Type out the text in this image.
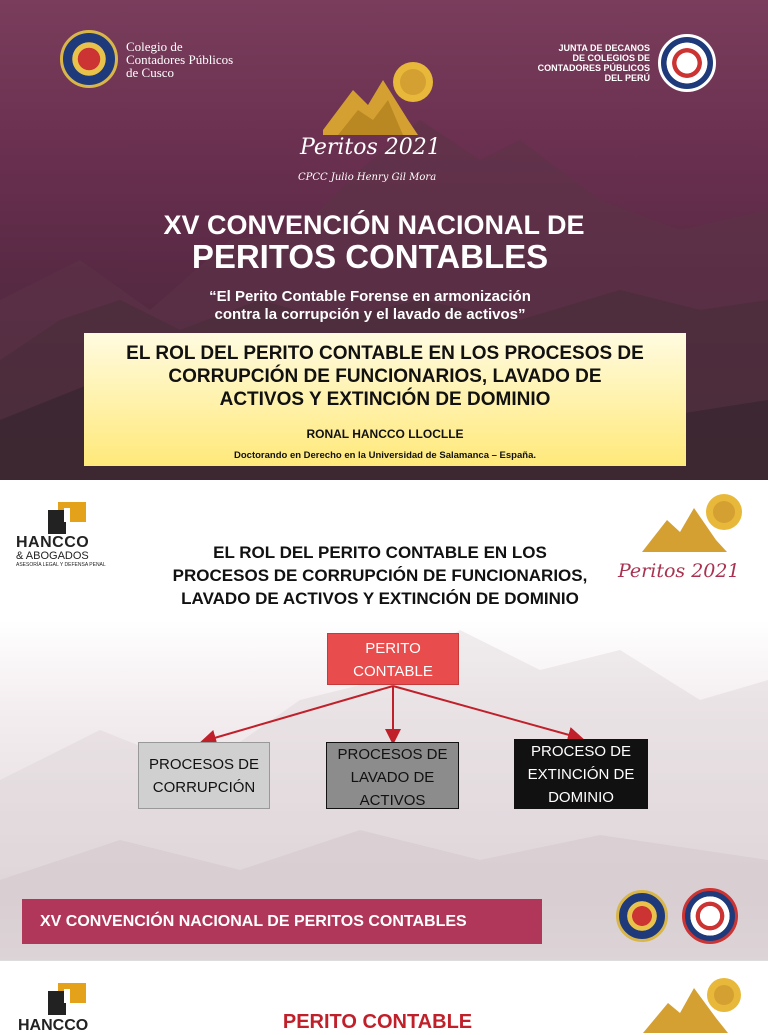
Colegio de
Contadores Públicos
de Cusco
JUNTA DE DECANOS
DE COLEGIOS DE
CONTADORES PÚBLICOS
DEL PERÚ
Peritos 2021
CPCC Julio Henry Gil Mora
XV CONVENCIÓN NACIONAL DE
PERITOS CONTABLES
“El Perito Contable Forense en armonización
contra la corrupción y el lavado de activos”
EL ROL DEL PERITO CONTABLE EN LOS PROCESOS DE
CORRUPCIÓN DE FUNCIONARIOS, LAVADO DE
ACTIVOS Y EXTINCIÓN DE DOMINIO
RONAL HANCCO LLOCLLE
Doctorando en Derecho en la Universidad de Salamanca – España.
HANCCO
& ABOGADOS
ASESORÍA LEGAL Y DEFENSA PENAL
EL ROL DEL PERITO CONTABLE EN LOS
PROCESOS DE CORRUPCIÓN DE FUNCIONARIOS,
LAVADO DE ACTIVOS Y EXTINCIÓN DE DOMINIO
Peritos 2021
PERITO
CONTABLE
PROCESOS DE
CORRUPCIÓN
PROCESOS DE
LAVADO DE
ACTIVOS
PROCESO DE
EXTINCIÓN DE
DOMINIO
XV CONVENCIÓN NACIONAL DE PERITOS CONTABLES
HANCCO	PERITO CONTABLE
